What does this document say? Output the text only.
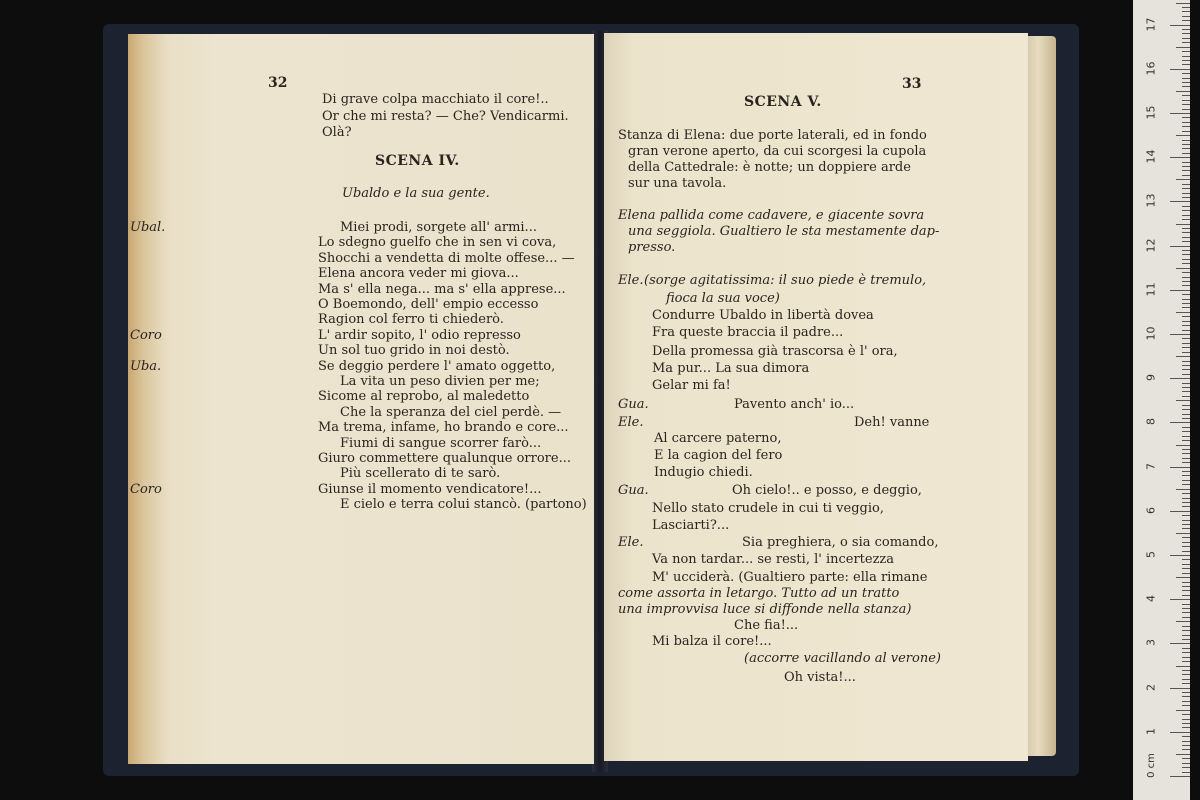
32
Di grave colpa macchiato il core!..
Or che mi resta? — Che? Vendicarmi.
Olà?
SCENA IV.
Ubaldo e la sua gente.
Ubal.	Miei prodi, sorgete all' armi...
Lo sdegno guelfo che in sen vi cova,
Shocchi a vendetta di molte offese... —
Elena ancora veder mi giova...
Ma s' ella nega... ma s' ella apprese...
O Boemondo, dell' empio eccesso
Ragion col ferro ti chiederò.
Coro	L' ardir sopito, l' odio represso
Un sol tuo grido in noi destò.
Uba.	Se deggio perdere l' amato oggetto,
La vita un peso divien per me;
Sicome al reprobo, al maledetto
Che la speranza del ciel perdè. —
Ma trema, infame, ho brando e core...
Fiumi di sangue scorrer farò...
Giuro commettere qualunque orrore...
Più scellerato di te sarò.
Coro	Giunse il momento vendicatore!...
E cielo e terra colui stancò. (partono)
SCENA V.
33
Stanza di Elena: due porte laterali, ed in fondo
gran verone aperto, da cui scorgesi la cupola
della Cattedrale: è notte; un doppiere arde
sur una tavola.
Elena pallida come cadavere, e giacente sovra
una seggiola. Gualtiero le sta mestamente dap-
presso.
Ele. (sorge agitatissima: il suo piede è tremulo,
fioca la sua voce)
Condurre Ubaldo in libertà dovea
Fra queste braccia il padre...
Della promessa già trascorsa è l' ora,
Ma pur... La sua dimora
Gelar mi fa!
Gua.	Pavento anch' io...
Ele.	Deh! vanne
Al carcere paterno,
E la cagion del fero
Indugio chiedi.
Gua.	Oh cielo!.. e posso, e deggio,
Nello stato crudele in cui ti veggio,
Lasciarti?...
Ele.	Sia preghiera, o sia comando,
Va non tardar... se resti, l' incertezza
M' ucciderà. (Gualtiero parte: ella rimane
come assorta in letargo. Tutto ad un tratto
una improvvisa luce si diffonde nella stanza)
Che fia!...
Mi balza il core!...
(accorre vacillando al verone)
Oh vista!...
0 cm
1
2
3
4
5
6
7
8
9
10
11
12
13
14
15
16
17
